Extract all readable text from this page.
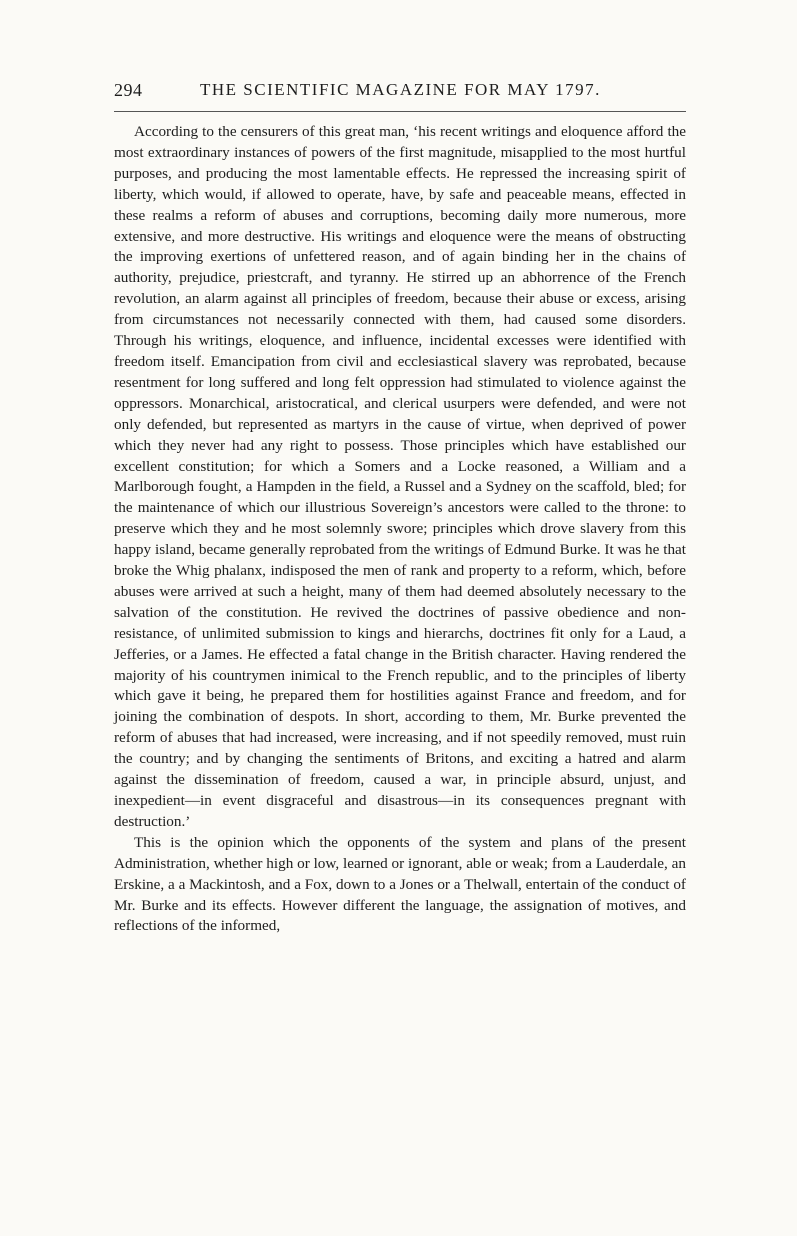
294	THE SCIENTIFIC MAGAZINE FOR MAY 1797.

According to the censurers of this great man, ‘his recent writings and eloquence afford the most extraordinary instances of powers of the first magnitude, misapplied to the most hurtful purposes, and producing the most lamentable effects. He repressed the increasing spirit of liberty, which would, if allowed to operate, have, by safe and peaceable means, effected in these realms a reform of abuses and corruptions, becoming daily more numerous, more extensive, and more destructive. His writings and eloquence were the means of obstructing the improving exertions of unfettered reason, and of again binding her in the chains of authority, prejudice, priestcraft, and tyranny. He stirred up an abhorrence of the French revolution, an alarm against all principles of freedom, because their abuse or excess, arising from circumstances not necessarily connected with them, had caused some disorders. Through his writings, eloquence, and influence, incidental excesses were identified with freedom itself. Emancipation from civil and ecclesiastical slavery was reprobated, because resentment for long suffered and long felt oppression had stimulated to violence against the oppressors. Monarchical, aristocratical, and clerical usurpers were defended, and were not only defended, but represented as martyrs in the cause of virtue, when deprived of power which they never had any right to possess. Those principles which have established our excellent constitution; for which a Somers and a Locke reasoned, a William and a Marlborough fought, a Hampden in the field, a Russel and a Sydney on the scaffold, bled; for the maintenance of which our illustrious Sovereign’s ancestors were called to the throne: to preserve which they and he most solemnly swore; principles which drove slavery from this happy island, became generally reprobated from the writings of Edmund Burke. It was he that broke the Whig phalanx, indisposed the men of rank and property to a reform, which, before abuses were arrived at such a height, many of them had deemed absolutely necessary to the salvation of the constitution. He revived the doctrines of passive obedience and non-resistance, of unlimited submission to kings and hierarchs, doctrines fit only for a Laud, a Jefferies, or a James. He effected a fatal change in the British character. Having rendered the majority of his countrymen inimical to the French republic, and to the principles of liberty which gave it being, he prepared them for hostilities against France and freedom, and for joining the combination of despots. In short, according to them, Mr. Burke prevented the reform of abuses that had increased, were increasing, and if not speedily removed, must ruin the country; and by changing the sentiments of Britons, and exciting a hatred and alarm against the dissemination of freedom, caused a war, in principle absurd, unjust, and inexpedient—in event disgraceful and disastrous—in its consequences pregnant with destruction.’

This is the opinion which the opponents of the system and plans of the present Administration, whether high or low, learned or ignorant, able or weak; from a Lauderdale, an Erskine, a a Mackintosh, and a Fox, down to a Jones or a Thelwall, entertain of the conduct of Mr. Burke and its effects. However different the language, the assignation of motives, and reflections of the informed,
